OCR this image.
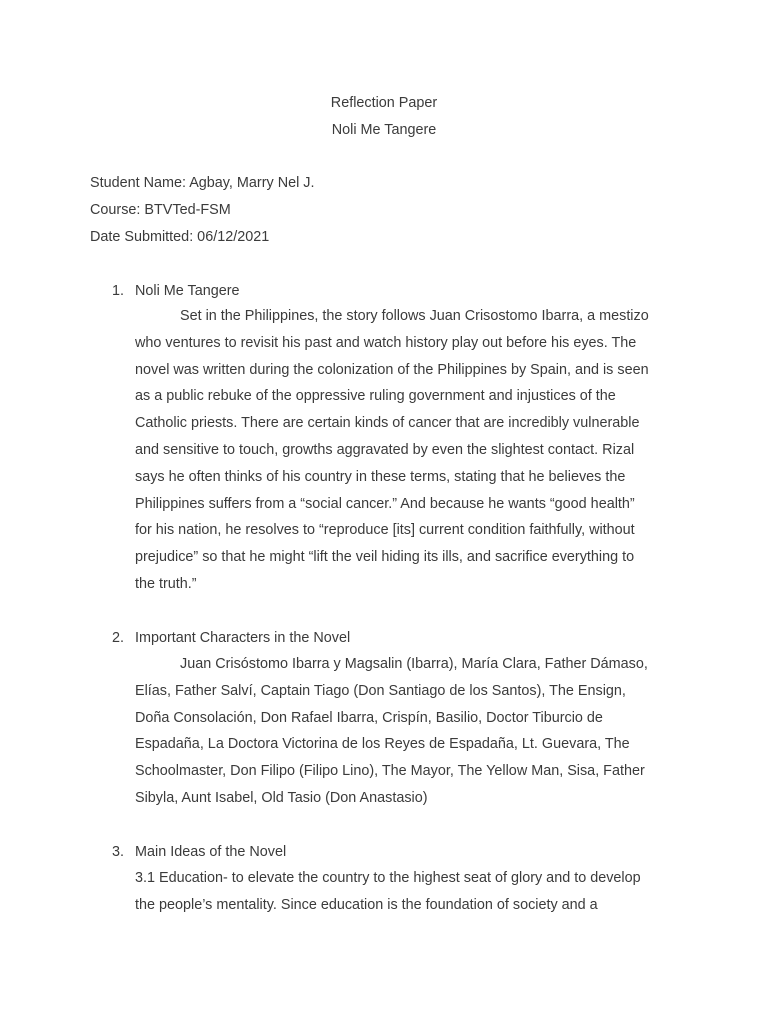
Reflection Paper
Noli Me Tangere
Student Name: Agbay, Marry Nel J.
Course: BTVTed-FSM
Date Submitted: 06/12/2021
1. Noli Me Tangere
Set in the Philippines, the story follows Juan Crisostomo Ibarra, a mestizo
who ventures to revisit his past and watch history play out before his eyes. The
novel was written during the colonization of the Philippines by Spain, and is seen
as a public rebuke of the oppressive ruling government and injustices of the
Catholic priests. There are certain kinds of cancer that are incredibly vulnerable
and sensitive to touch, growths aggravated by even the slightest contact. Rizal
says he often thinks of his country in these terms, stating that he believes the
Philippines suffers from a “social cancer.” And because he wants “good health”
for his nation, he resolves to “reproduce [its] current condition faithfully, without
prejudice” so that he might “lift the veil hiding its ills, and sacrifice everything to
the truth.”
2. Important Characters in the Novel
Juan Crisóstomo Ibarra y Magsalin (Ibarra), María Clara, Father Dámaso,
Elías, Father Salví, Captain Tiago (Don Santiago de los Santos), The Ensign,
Doña Consolación, Don Rafael Ibarra, Crispín, Basilio, Doctor Tiburcio de
Espadaña, La Doctora Victorina de los Reyes de Espadaña, Lt. Guevara, The
Schoolmaster, Don Filipo (Filipo Lino), The Mayor, The Yellow Man, Sisa, Father
Sibyla, Aunt Isabel, Old Tasio (Don Anastasio)
3. Main Ideas of the Novel
3.1 Education- to elevate the country to the highest seat of glory and to develop
the people’s mentality. Since education is the foundation of society and a
